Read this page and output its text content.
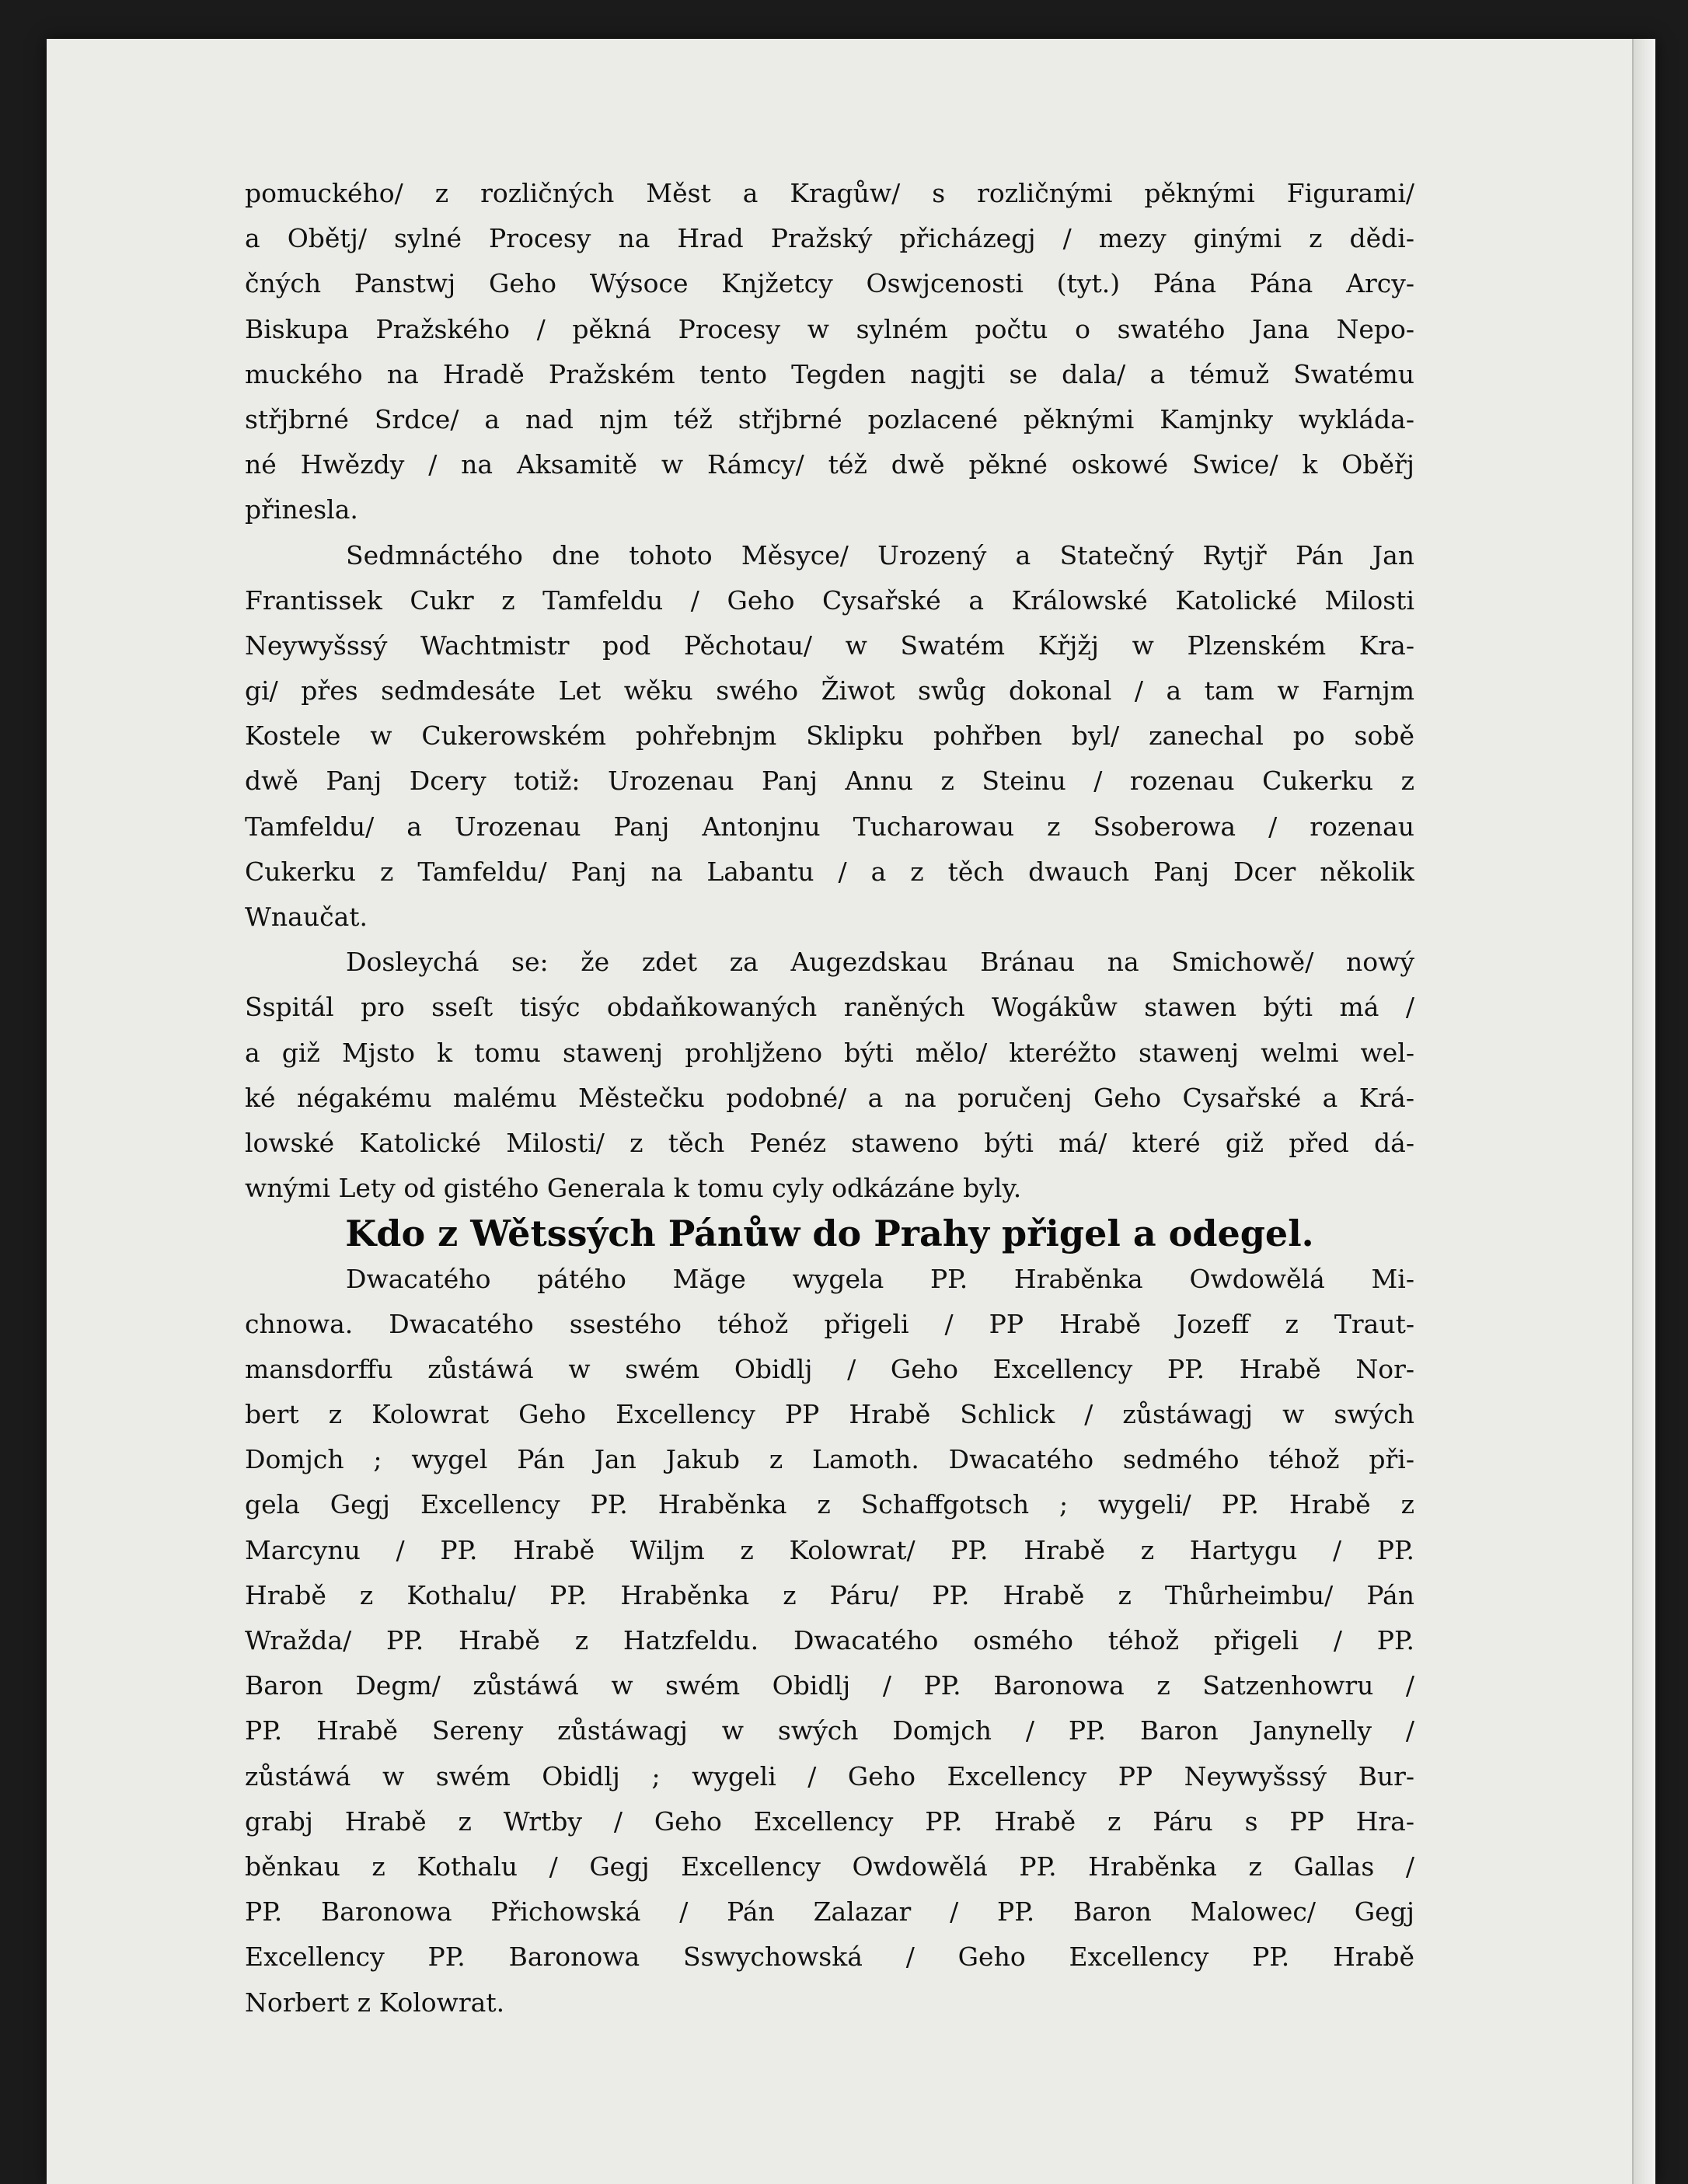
pomuckého/ z rozličných Měst a Kragůw/ s rozličnými pěknými Figurami/
a Obětj/ sylné Procesy na Hrad Pražský přicházegj / mezy ginými z dědi-
čných Panstwj Geho Wýsoce Knjžetcy Oswjcenosti (tyt.) Pána Pána Arcy-
Biskupa Pražského / pěkná Procesy w sylném počtu o swatého Jana Nepo-
muckého na Hradě Pražském tento Tegden nagjti se dala/ a témuž Swatému
střjbrné Srdce/ a nad njm též střjbrné pozlacené pěknými Kamjnky wykláda-
né Hwězdy / na Aksamitě w Rámcy/ též dwě pěkné oskowé Swice/ k Oběřj
přinesla.
Sedmnáctého dne tohoto Měsyce/ Urozený a Statečný Rytjř Pán Jan
Frantissek Cukr z Tamfeldu / Geho Cysařské a Králowské Katolické Milosti
Neywyšssý Wachtmistr pod Pěchotau/ w Swatém Křjžj w Plzenském Kra-
gi/ přes sedmdesáte Let wěku swého Žiwot swůg dokonal / a tam w Farnjm
Kostele w Cukerowském pohřebnjm Sklipku pohřben byl/ zanechal po sobě
dwě Panj Dcery totiž: Urozenau Panj Annu z Steinu / rozenau Cukerku z
Tamfeldu/ a Urozenau Panj Antonjnu Tucharowau z Ssoberowa / rozenau
Cukerku z Tamfeldu/ Panj na Labantu / a z těch dwauch Panj Dcer několik
Wnaučat.
Dosleychá se: že zdet za Augezdskau Bránau na Smichowě/ nowý
Sspitál pro sseſt tisýc obdaňkowaných raněných Wogákůw stawen býti má /
a giž Mjsto k tomu stawenj prohljženo býti mělo/ kteréžto stawenj welmi wel-
ké négakému malému Městečku podobné/ a na poručenj Geho Cysařské a Krá-
lowské Katolické Milosti/ z těch Penéz stawenο býti má/ které giž před dá-
wnými Lety od gistého Generala k tomu cyly odkázáne byly.
Kdo z Wětssých Pánůw do Prahy přigel a odegel.
Dwacatého pátého Măge wygela PP. Hraběnka Owdowělá Mi-
chnowa. Dwacatého ssestého téhož přigeli / PP Hrabě Jozeff z Traut-
mansdorffu zůstáwá w swém Obidlj / Geho Excellency PP. Hrabě Nor-
bert z Kolowrat Geho Excellency PP Hrabě Schlick / zůstáwagj w swých
Domjch ; wygel Pán Jan Jakub z Lamoth. Dwacatého sedmého téhož při-
gela Gegj Excellency PP. Hraběnka z Schaffgotsch ; wygeli/ PP. Hrabě z
Marcynu / PP. Hrabě Wiljm z Kolowrat/ PP. Hrabě z Hartygu / PP.
Hrabě z Kothalu/ PP. Hraběnka z Páru/ PP. Hrabě z Thůrheimbu/ Pán
Wražda/ PP. Hrabě z Hatzfeldu. Dwacatého osmého téhož přigeli / PP.
Baron Degm/ zůstáwá w swém Obidlj / PP. Baronowa z Satzenhowru /
PP. Hrabě Sereny zůstáwagj w swých Domjch / PP. Baron Janynelly /
zůstáwá w swém Obidlj ; wygeli / Geho Excellency PP Neywyšssý Bur-
grabj Hrabě z Wrtby / Geho Excellency PP. Hrabě z Páru s PP Hra-
běnkau z Kothalu / Gegj Excellency Owdowělá PP. Hraběnka z Gallas /
PP. Baronowa Přichowská / Pán Zalazar / PP. Baron Malowec/ Gegj
Excellency PP. Baronowa Sswychowská / Geho Excellency PP. Hrabě
Norbert z Kolowrat.
